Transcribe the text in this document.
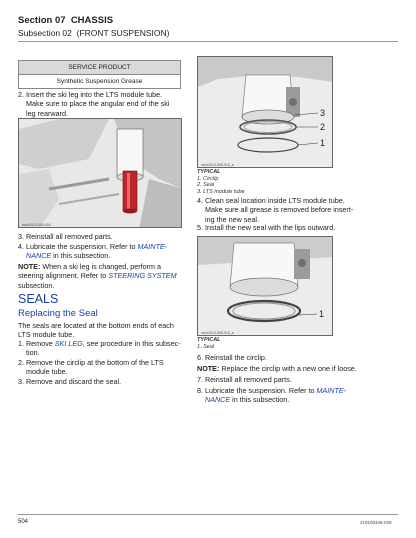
Section 07 CHASSIS
Subsection 02 (FRONT SUSPENSION)
SERVICE PRODUCT
Synthetic Suspension Grease
2. Insert the ski leg into the LTS module tube.
Make sure to place the angular end of the ski
leg rearward.
mmr2010-056-004
3. Reinstall all removed parts.
4. Lubricate the suspension. Refer to MAINTE-
NANCE in this subsection.
NOTE: When a ski leg is changed, perform a
steering alignment. Refer to STEERING SYSTEM
subsection.
SEALS
Replacing the Seal
The seals are located at the bottom ends of each
LTS module tube.
1. Remove SKI LEG, see procedure in this subsec-
tion.
2. Remove the circlip at the bottom of the LTS
module tube.
3. Remove and discard the seal.
3
2
1
mmr2010-056-016_a
TYPICAL
1. Circlip
2. Seal
3. LTS module tube
4. Clean seal location inside LTS module tube.
Make sure all grease is removed before insert-
ing the new seal.
5. Install the new seal with the lips outward.
1
mmr2010-056-016_a
TYPICAL
1. Seal
6. Reinstall the circlip.
NOTE: Replace the circlip with a new one if loose.
7. Reinstall all removed parts.
8. Lubricate the suspension. Refer to MAINTE-
NANCE in this subsection.
504	219100446-029
